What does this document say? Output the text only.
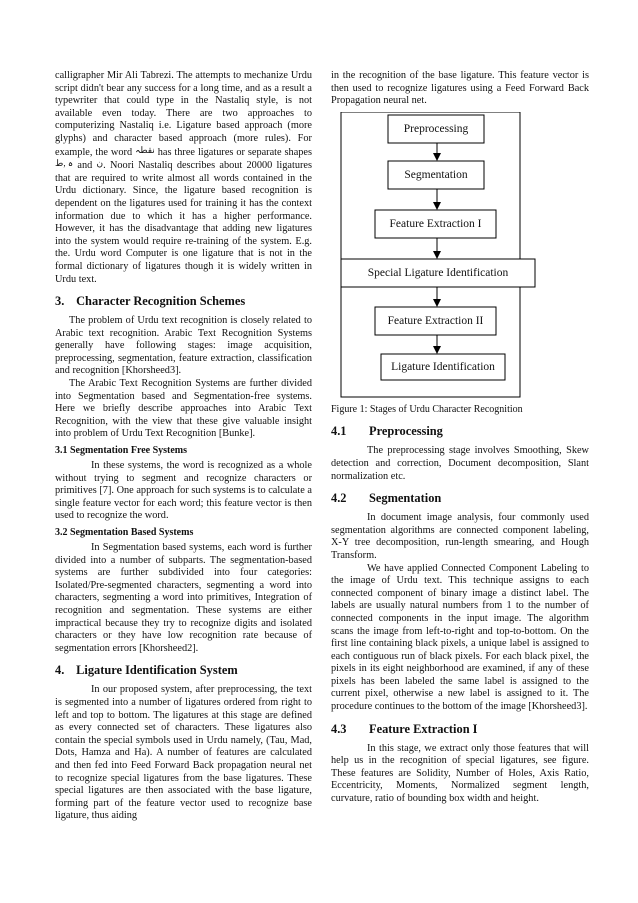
calligrapher Mir Ali Tabrezi. The attempts to mechanize Urdu script didn't bear any success for a long time, and as a result a typewriter that could type in the Nastaliq style, is not available even today. There are two approaches to computerizing Nastaliq i.e. Ligature based approach (more glyphs) and character based approach (more rules). For example, the word نقطہ has three ligatures or separate shapes ہ ,ط and ن. Noori Nastaliq describes about 20000 ligatures that are required to write almost all words contained in the Urdu dictionary. Since, the ligature based recognition is dependent on the ligatures used for training it has the context information due to which it has a higher performance. However, it has the disadvantage that adding new ligatures into the system would require re-training of the system. E.g. the. Urdu word Computer is one ligature that is not in the formal dictionary of ligatures though it is widely written in Urdu text.

3. Character Recognition Schemes

The problem of Urdu text recognition is closely related to Arabic text recognition. Arabic Text Recognition Systems generally have following stages: image acquisition, preprocessing, segmentation, feature extraction, classification and recognition [Khorsheed3].

The Arabic Text Recognition Systems are further divided into Segmentation based and Segmentation-free systems. Here we briefly describe approaches into Arabic Text Recognition, with the view that these give valuable insight into problem of Urdu Text Recognition [Bunke].

3.1 Segmentation Free Systems

In these systems, the word is recognized as a whole without trying to segment and recognize characters or primitives [7]. One approach for such systems is to calculate a single feature vector for each word; this feature vector is then used to recognize the word.

3.2 Segmentation Based Systems

In Segmentation based systems, each word is further divided into a number of subparts. The segmentation-based systems are further subdivided into four categories: Isolated/Pre-segmented characters, segmenting a word into characters, segmenting a word into primitives, Integration of recognition and segmentation. These systems are either impractical because they try to recognize digits and isolated characters or they have low recognition rate because of segmentation errors [Khorsheed2].

4. Ligature Identification System

In our proposed system, after preprocessing, the text is segmented into a number of ligatures ordered from right to left and top to bottom. The ligatures at this stage are defined as every connected set of characters. These ligatures also contain the special symbols used in Urdu namely, (Tau, Mad, Dots, Hamza and Ha). A number of features are calculated and then fed into Feed Forward Back propagation neural net to recognize special ligatures from the base ligatures. These special ligatures are then associated with the base ligature, forming part of the feature vector used to recognize base ligature, thus aiding

in the recognition of the base ligature. This feature vector is then used to recognize ligatures using a Feed Forward Back Propagation neural net.

Preprocessing
Segmentation
Feature Extraction I
Special Ligature Identification
Feature Extraction II
Ligature Identification

Figure 1: Stages of Urdu Character Recognition

4.1 Preprocessing

The preprocessing stage involves Smoothing, Skew detection and correction, Document decomposition, Slant normalization etc.

4.2 Segmentation

In document image analysis, four commonly used segmentation algorithms are connected component labeling, X-Y tree decomposition, run-length smearing, and Hough Transform.

We have applied Connected Component Labeling to the image of Urdu text. This technique assigns to each connected component of binary image a distinct label. The labels are usually natural numbers from 1 to the number of connected components in the input image. The algorithm scans the image from left-to-right and top-to-bottom. On the first line containing black pixels, a unique label is assigned to each contiguous run of black pixels. For each black pixel, the pixels in its eight neighborhood are examined, if any of these pixels has been labeled the same label is assigned to the current pixel, otherwise a new label is assigned to it. The procedure continues to the bottom of the image [Khorsheed3].

4.3 Feature Extraction I

In this stage, we extract only those features that will help us in the recognition of special ligatures, see figure. These features are Solidity, Number of Holes, Axis Ratio, Eccentricity, Moments, Normalized segment length, curvature, ratio of bounding box width and height.
